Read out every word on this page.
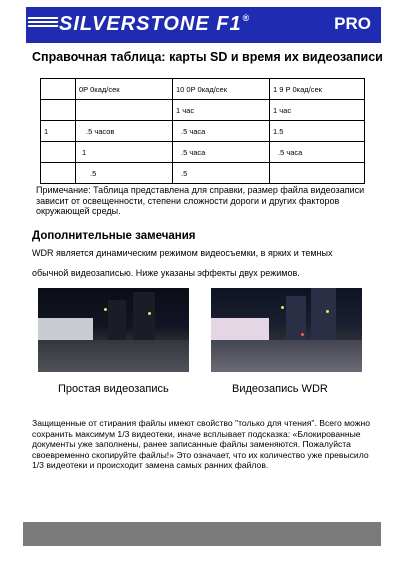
SILVERSTONE F1®	PRO
Справочная таблица: карты SD и время их видеозаписи
	0P 0кад/сек	10 0P 0кад/сек	1 9 P 0кад/сек
		1 час	1 час
1	.5 часов	.5 часа	1.5
	1	.5 часа	.5 часа
	.5	.5	
Примечание: Таблица представлена для справки, размер файла видеозаписи зависит от освещенности, степени сложности дороги и других факторов окружающей среды.
Дополнительные замечания
WDR является динамическим режимом видеосъемки, в ярких и темных
обычной видеозаписью. Ниже указаны эффекты двух режимов.
Простая видеозапись	Видеозапись WDR
Защищенные от стирания файлы имеют свойство "только для чтения". Всего можно сохранить максимум 1/3 видеотеки, иначе всплывает подсказка: «Блокированные документы уже заполнены, ранее записанные файлы заменяются. Пожалуйста своевременно скопируйте файлы!» Это означает, что их количество уже превысило 1/3 видеотеки и происходит замена самых ранних файлов.
